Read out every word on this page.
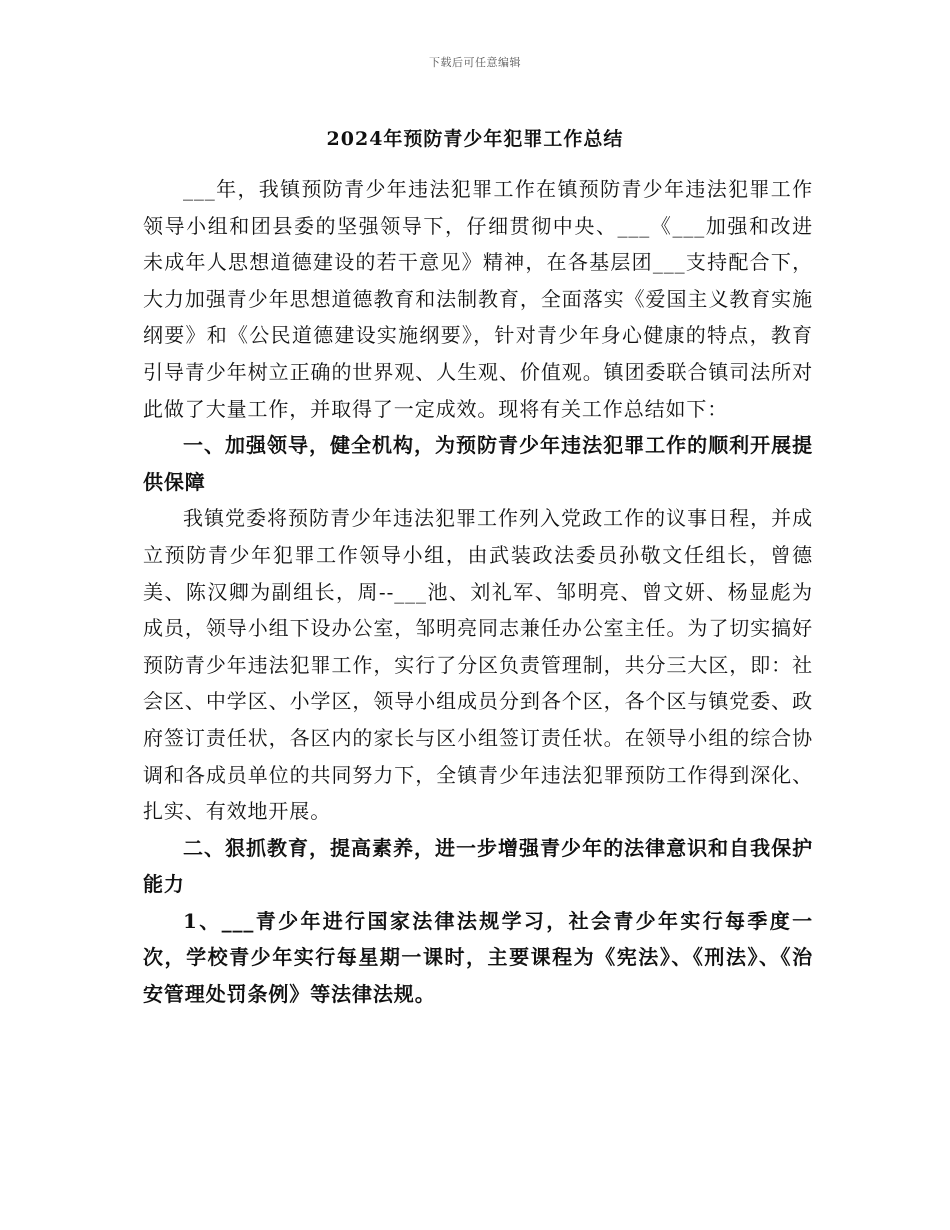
下载后可任意编辑
2024年预防青少年犯罪工作总结

___年，我镇预防青少年违法犯罪工作在镇预防青少年违法犯罪工作领导小组和团县委的坚强领导下，仔细贯彻中央、___《___加强和改进未成年人思想道德建设的若干意见》精神，在各基层团___支持配合下，大力加强青少年思想道德教育和法制教育，全面落实《爱国主义教育实施纲要》和《公民道德建设实施纲要》，针对青少年身心健康的特点，教育引导青少年树立正确的世界观、人生观、价值观。镇团委联合镇司法所对此做了大量工作，并取得了一定成效。现将有关工作总结如下：

一、加强领导，健全机构，为预防青少年违法犯罪工作的顺利开展提供保障

我镇党委将预防青少年违法犯罪工作列入党政工作的议事日程，并成立预防青少年犯罪工作领导小组，由武装政法委员孙敬文任组长，曾德美、陈汉卿为副组长，周--___池、刘礼军、邹明亮、曾文妍、杨显彪为成员，领导小组下设办公室，邹明亮同志兼任办公室主任。为了切实搞好预防青少年违法犯罪工作，实行了分区负责管理制，共分三大区，即：社会区、中学区、小学区，领导小组成员分到各个区，各个区与镇党委、政府签订责任状，各区内的家长与区小组签订责任状。在领导小组的综合协调和各成员单位的共同努力下，全镇青少年违法犯罪预防工作得到深化、扎实、有效地开展。

二、狠抓教育，提高素养，进一步增强青少年的法律意识和自我保护能力

1、___青少年进行国家法律法规学习，社会青少年实行每季度一次，学校青少年实行每星期一课时，主要课程为《宪法》、《刑法》、《治安管理处罚条例》等法律法规。
